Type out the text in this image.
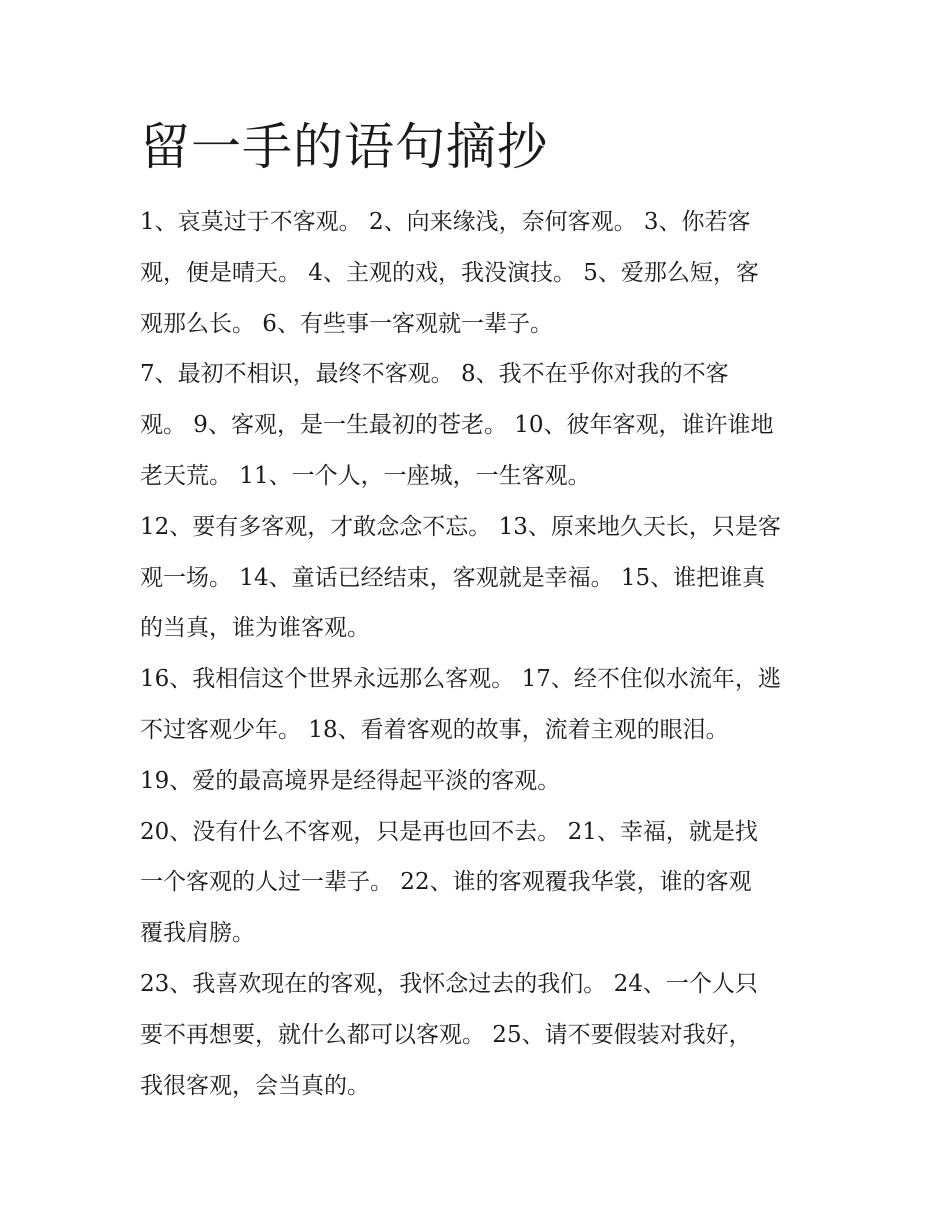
留一手的语句摘抄
1、哀莫过于不客观。 2、向来缘浅，奈何客观。 3、你若客
观，便是晴天。 4、主观的戏，我没演技。 5、爱那么短，客
观那么长。 6、有些事一客观就一辈子。
7、最初不相识，最终不客观。 8、我不在乎你对我的不客
观。 9、客观，是一生最初的苍老。 10、彼年客观，谁许谁地
老天荒。 11、一个人，一座城，一生客观。
12、要有多客观，才敢念念不忘。 13、原来地久天长，只是客
观一场。 14、童话已经结束，客观就是幸福。 15、谁把谁真
的当真，谁为谁客观。
16、我相信这个世界永远那么客观。 17、经不住似水流年，逃
不过客观少年。 18、看着客观的故事，流着主观的眼泪。
19、爱的最高境界是经得起平淡的客观。
20、没有什么不客观，只是再也回不去。 21、幸福，就是找
一个客观的人过一辈子。 22、谁的客观覆我华裳，谁的客观
覆我肩膀。
23、我喜欢现在的客观，我怀念过去的我们。 24、一个人只
要不再想要，就什么都可以客观。 25、请不要假装对我好，
我很客观，会当真的。
